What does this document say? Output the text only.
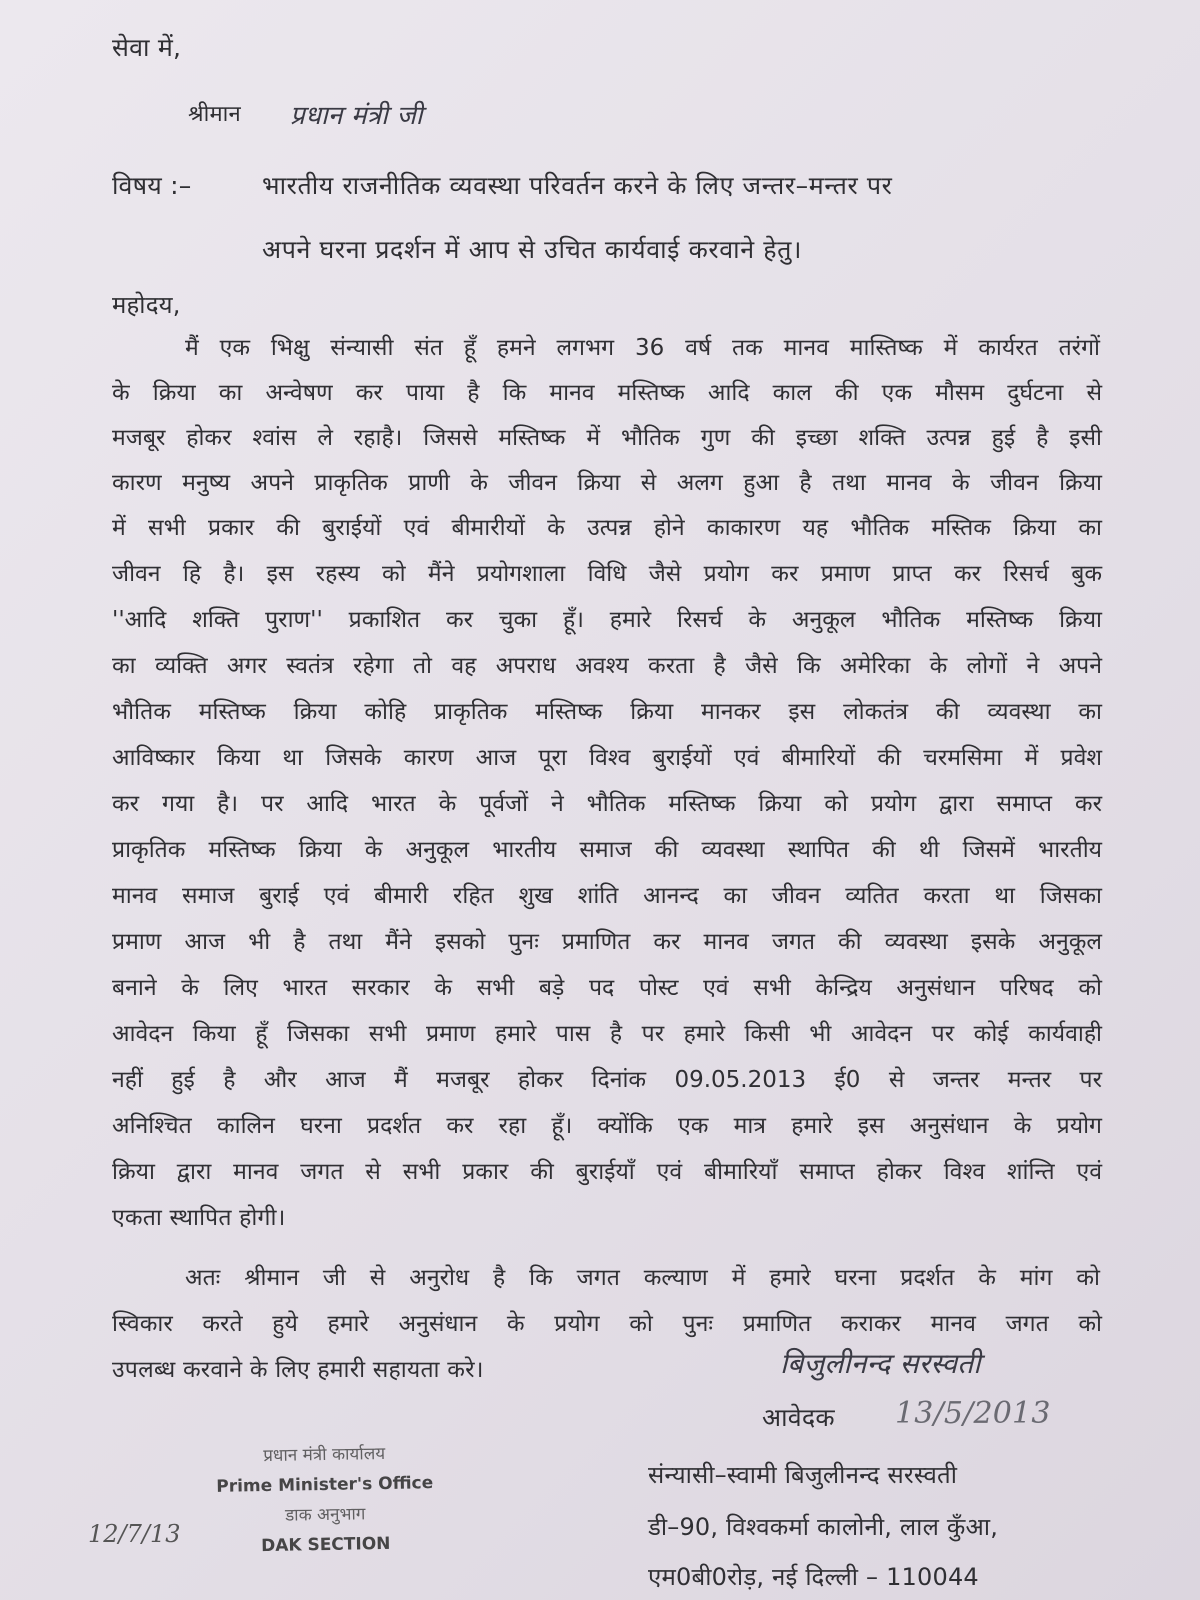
सेवा में,
श्रीमान प्रधान मंत्री जी
विषय :–	भारतीय राजनीतिक व्यवस्था परिवर्तन करने के लिए जन्तर–मन्तर पर
अपने घरना प्रदर्शन में आप से उचित कार्यवाई करवाने हेतु।
महोदय,
मैं एक भिक्षु संन्यासी संत हूँ हमने लगभग 36 वर्ष तक मानव मास्तिष्क में कार्यरत तरंगों
के क्रिया का अन्वेषण कर पाया है कि मानव मस्तिष्क आदि काल की एक मौसम दुर्घटना से
मजबूर होकर श्वांस ले रहाहै। जिससे मस्तिष्क में भौतिक गुण की इच्छा शक्ति उत्पन्न हुई है इसी
कारण मनुष्य अपने प्राकृतिक प्राणी के जीवन क्रिया से अलग हुआ है तथा मानव के जीवन क्रिया
में सभी प्रकार की बुराईयों एवं बीमारीयों के उत्पन्न होने काकारण यह भौतिक मस्तिक क्रिया का
जीवन हि है। इस रहस्य को मैंने प्रयोगशाला विधि जैसे प्रयोग कर प्रमाण प्राप्त कर रिसर्च बुक
''आदि शक्ति पुराण'' प्रकाशित कर चुका हूँ। हमारे रिसर्च के अनुकूल भौतिक मस्तिष्क क्रिया
का व्यक्ति अगर स्वतंत्र रहेगा तो वह अपराध अवश्य करता है जैसे कि अमेरिका के लोगों ने अपने
भौतिक मस्तिष्क क्रिया कोहि प्राकृतिक मस्तिष्क क्रिया मानकर इस लोकतंत्र की व्यवस्था का
आविष्कार किया था जिसके कारण आज पूरा विश्व बुराईयों एवं बीमारियों की चरमसिमा में प्रवेश
कर गया है। पर आदि भारत के पूर्वजों ने भौतिक मस्तिष्क क्रिया को प्रयोग द्वारा समाप्त कर
प्राकृतिक मस्तिष्क क्रिया के अनुकूल भारतीय समाज की व्यवस्था स्थापित की थी जिसमें भारतीय
मानव समाज बुराई एवं बीमारी रहित शुख शांति आनन्द का जीवन व्यतित करता था जिसका
प्रमाण आज भी है तथा मैंने इसको पुनः प्रमाणित कर मानव जगत की व्यवस्था इसके अनुकूल
बनाने के लिए भारत सरकार के सभी बड़े पद पोस्ट एवं सभी केन्द्रिय अनुसंधान परिषद को
आवेदन किया हूँ जिसका सभी प्रमाण हमारे पास है पर हमारे किसी भी आवेदन पर कोई कार्यवाही
नहीं हुई है और आज मैं मजबूर होकर दिनांक 09.05.2013 ई0 से जन्तर मन्तर पर
अनिश्चित कालिन घरना प्रदर्शत कर रहा हूँ। क्योंकि एक मात्र हमारे इस अनुसंधान के प्रयोग
क्रिया द्वारा मानव जगत से सभी प्रकार की बुराईयाँ एवं बीमारियाँ समाप्त होकर विश्व शांन्ति एवं
एकता स्थापित होगी।
अतः श्रीमान जी से अनुरोध है कि जगत कल्याण में हमारे घरना प्रदर्शत के मांग को
स्विकार करते हुये हमारे अनुसंधान के प्रयोग को पुनः प्रमाणित कराकर मानव जगत को
उपलब्ध करवाने के लिए हमारी सहायता करे।	बिजुलीनन्द सरस्वती
आवेदक 13/5/2013
संन्यासी–स्वामी बिजुलीनन्द सरस्वती
डी–90, विश्वकर्मा कालोनी, लाल कुँआ,
एम0बी0रोड़, नई दिल्ली – 110044
प्रधान मंत्री कार्यालय
Prime Minister's Office
डाक अनुभाग
DAK SECTION
12/7/13
